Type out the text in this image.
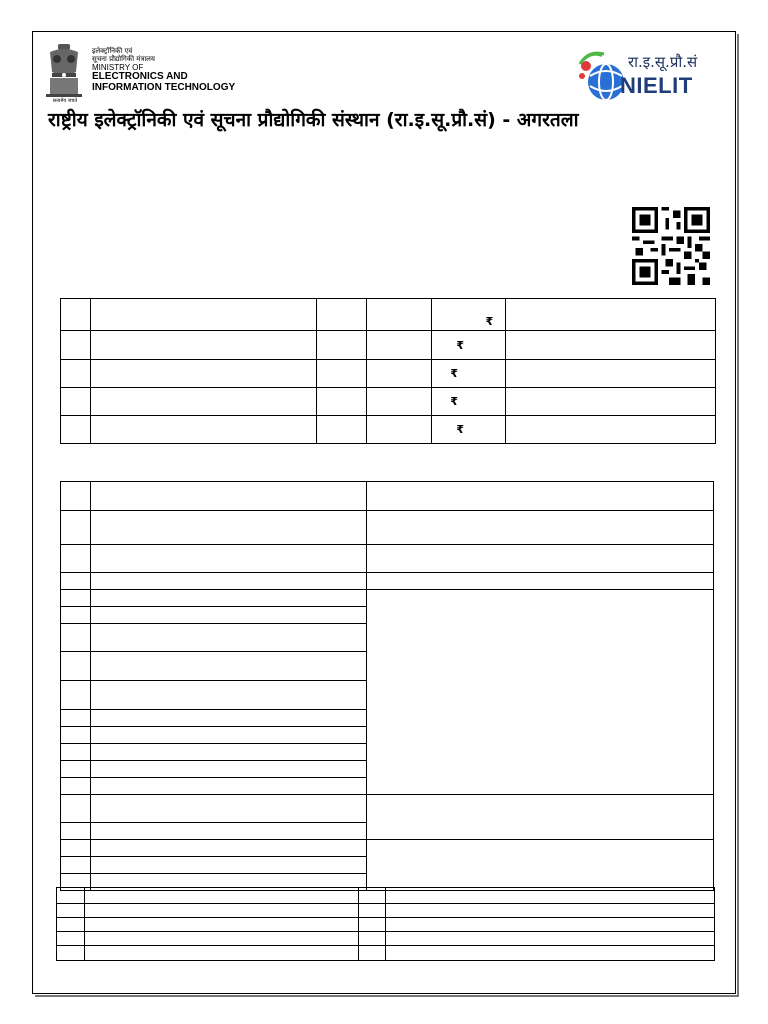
सत्यमेव जयते
इलेक्ट्रॉनिकी एवं
सूचना प्रौद्योगिकी मंत्रालय
MINISTRY OF
ELECTRONICS AND
INFORMATION TECHNOLOGY
रा.इ.सू.प्रौ.सं
NIELIT
राष्ट्रीय इलेक्ट्रॉनिकी एवं सूचना प्रौद्योगिकी संस्थान (रा.इ.सू.प्रौ.सं) - अगरतला
				₹	
				₹	
				₹	
				₹	
				₹	
